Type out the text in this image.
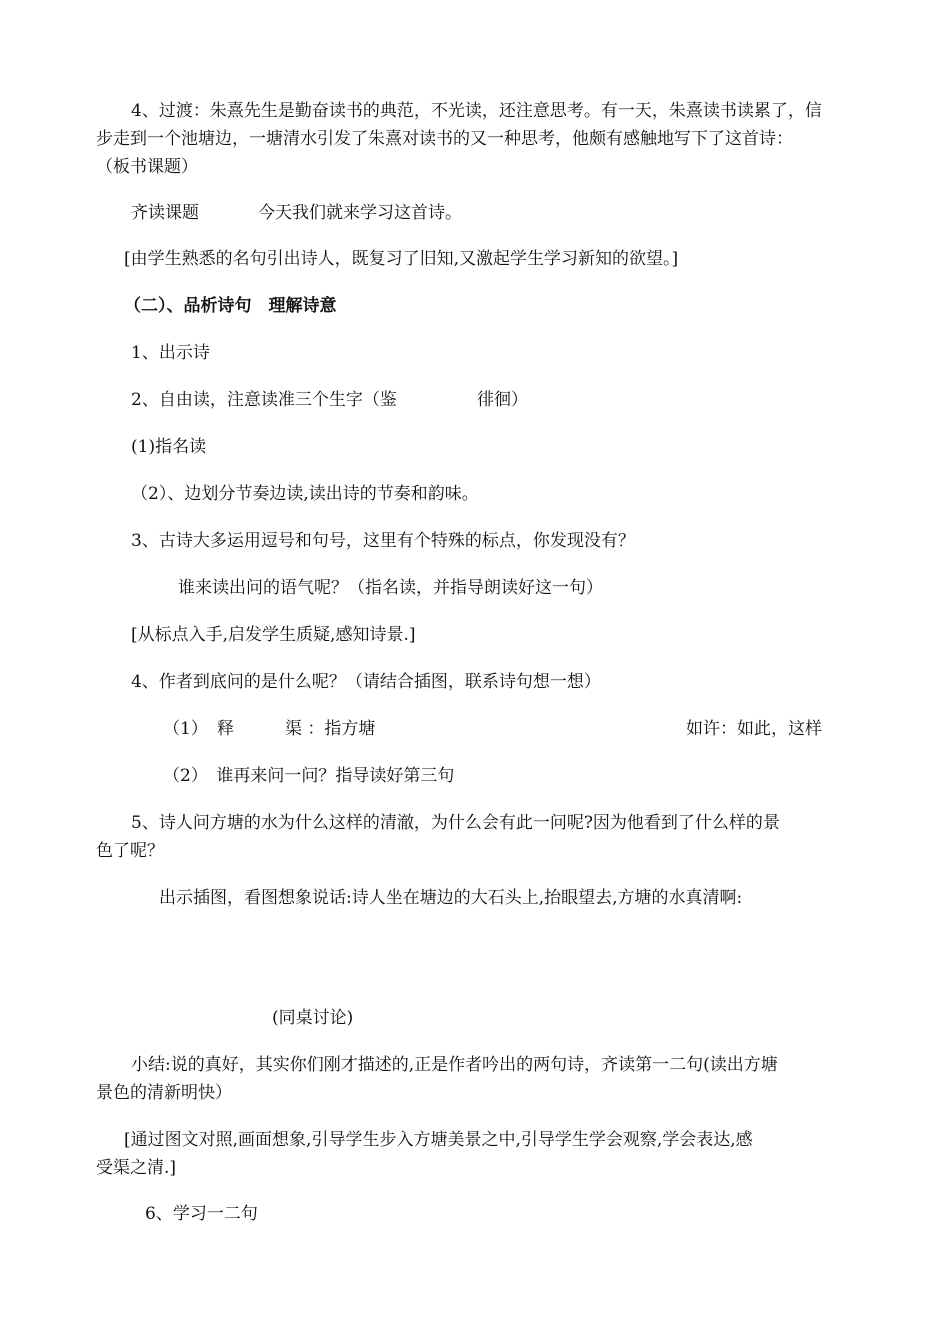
4、过渡：朱熹先生是勤奋读书的典范，不光读，还注意思考。有一天，朱熹读书读累了，信

步走到一个池塘边，一塘清水引发了朱熹对读书的又一种思考，他颇有感触地写下了这首诗：

（板书课题）

齐读课题	今天我们就来学习这首诗。

[由学生熟悉的名句引出诗人，既复习了旧知,又激起学生学习新知的欲望。]

（二）、品析诗句　理解诗意

1、出示诗

2、自由读，注意读准三个生字（鉴	徘徊）

(1)指名读

（2）、边划分节奏边读,读出诗的节奏和韵味。

3、古诗大多运用逗号和句号，这里有个特殊的标点，你发现没有？

谁来读出问的语气呢？（指名读，并指导朗读好这一句）

[从标点入手,启发学生质疑,感知诗景.]

4、作者到底问的是什么呢？（请结合插图，联系诗句想一想）

（1） 释	渠 ：指方塘	如许：如此，这样

（2）　谁再来问一问？指导读好第三句

5、诗人问方塘的水为什么这样的清澈，为什么会有此一问呢?因为他看到了什么样的景

色了呢？

出示插图，看图想象说话:诗人坐在塘边的大石头上,抬眼望去,方塘的水真清啊:

(同桌讨论)

小结:说的真好，其实你们刚才描述的,正是作者吟出的两句诗，齐读第一二句(读出方塘

景色的清新明快）

[通过图文对照,画面想象,引导学生步入方塘美景之中,引导学生学会观察,学会表达,感

受渠之清.]

6、学习一二句
